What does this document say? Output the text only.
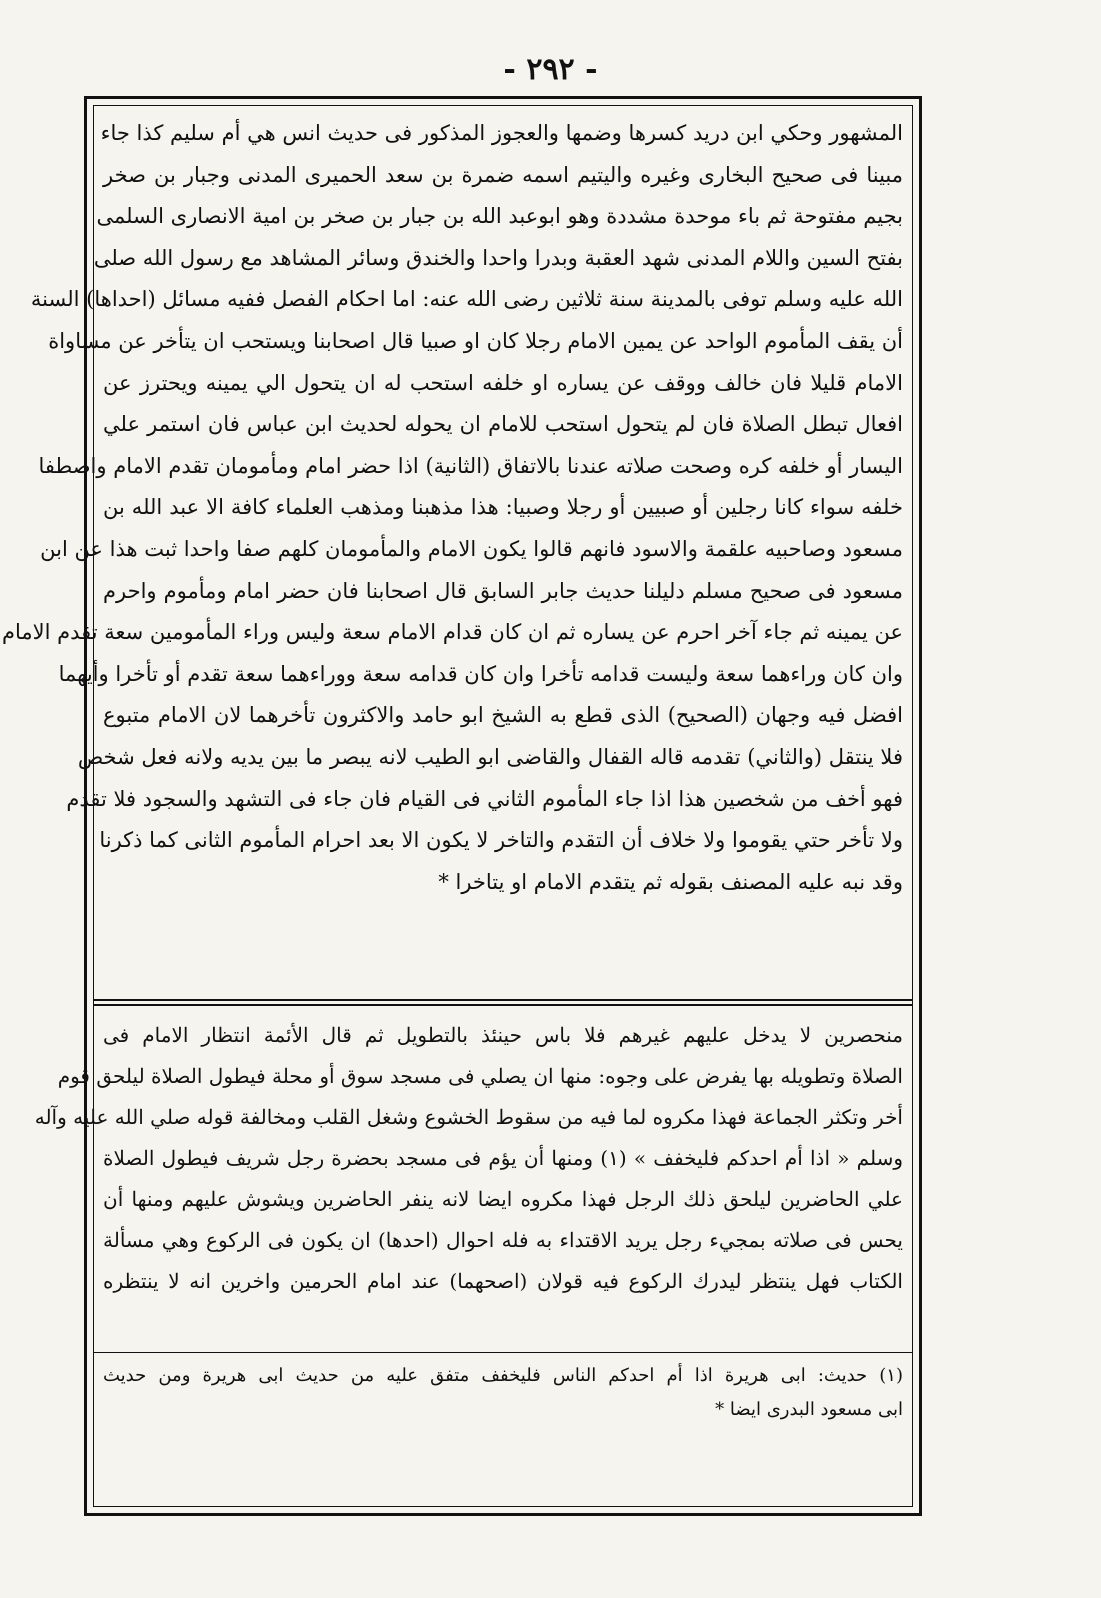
- ٢٩٢ -
المشهور وحكي ابن دريد كسرها وضمها والعجوز المذكور فى حديث انس هي أم سليم كذا جاء
مبينا فى صحيح البخارى وغيره واليتيم اسمه ضمرة بن سعد الحميرى المدنى وجبار بن صخر
بجيم مفتوحة ثم باء موحدة مشددة وهو ابوعبد الله بن جبار بن صخر بن امية الانصارى السلمى
بفتح السين واللام المدنى شهد العقبة وبدرا واحدا والخندق وسائر المشاهد مع رسول الله صلى
الله عليه وسلم توفى بالمدينة سنة ثلاثين رضى الله عنه: اما احكام الفصل ففيه مسائل (احداها) السنة
أن يقف المأموم الواحد عن يمين الامام رجلا كان او صبيا قال اصحابنا ويستحب ان يتأخر عن مساواة
الامام قليلا فان خالف ووقف عن يساره او خلفه استحب له ان يتحول الي يمينه ويحترز عن
افعال تبطل الصلاة فان لم يتحول استحب للامام ان يحوله لحديث ابن عباس فان استمر علي
اليسار أو خلفه كره وصحت صلاته عندنا بالاتفاق (الثانية) اذا حضر امام ومأمومان تقدم الامام واصطفا
خلفه سواء كانا رجلين أو صبيين أو رجلا وصبيا: هذا مذهبنا ومذهب العلماء كافة الا عبد الله بن
مسعود وصاحبيه علقمة والاسود فانهم قالوا يكون الامام والمأمومان كلهم صفا واحدا ثبت هذا عن ابن
مسعود فى صحيح مسلم دليلنا حديث جابر السابق قال اصحابنا فان حضر امام ومأموم واحرم
عن يمينه ثم جاء آخر احرم عن يساره ثم ان كان قدام الامام سعة وليس وراء المأمومين سعة تقدم الامام
وان كان وراءهما سعة وليست قدامه تأخرا وان كان قدامه سعة ووراءهما سعة تقدم أو تأخرا وأيهما
افضل فيه وجهان (الصحيح) الذى قطع به الشيخ ابو حامد والاكثرون تأخرهما لان الامام متبوع
فلا ينتقل (والثاني) تقدمه قاله القفال والقاضى ابو الطيب لانه يبصر ما بين يديه ولانه فعل شخص
فهو أخف من شخصين هذا اذا جاء المأموم الثاني فى القيام فان جاء فى التشهد والسجود فلا تقدم
ولا تأخر حتي يقوموا ولا خلاف أن التقدم والتاخر لا يكون الا بعد احرام المأموم الثانى كما ذكرنا
وقد نبه عليه المصنف بقوله ثم يتقدم الامام او يتاخرا *
منحصرين لا يدخل عليهم غيرهم فلا باس حينئذ بالتطويل ثم قال الأئمة انتظار الامام فى
الصلاة وتطويله بها يفرض على وجوه: منها ان يصلي فى مسجد سوق أو محلة فيطول الصلاة ليلحق قوم
أخر وتكثر الجماعة فهذا مكروه لما فيه من سقوط الخشوع وشغل القلب ومخالفة قوله صلي الله عليه وآله
وسلم « اذا أم احدكم فليخفف » (١) ومنها أن يؤم فى مسجد بحضرة رجل شريف فيطول الصلاة
علي الحاضرين ليلحق ذلك الرجل فهذا مكروه ايضا لانه ينفر الحاضرين ويشوش عليهم ومنها أن
يحس فى صلاته بمجيء رجل يريد الاقتداء به فله احوال (احدها) ان يكون فى الركوع وهي مسألة
الكتاب فهل ينتظر ليدرك الركوع فيه قولان (اصحهما) عند امام الحرمين واخرين انه لا ينتظره
(١) حديث: ابى هريرة اذا أم احدكم الناس فليخفف متفق عليه من حديث ابى هريرة ومن حديث
ابى مسعود البدرى ايضا *
